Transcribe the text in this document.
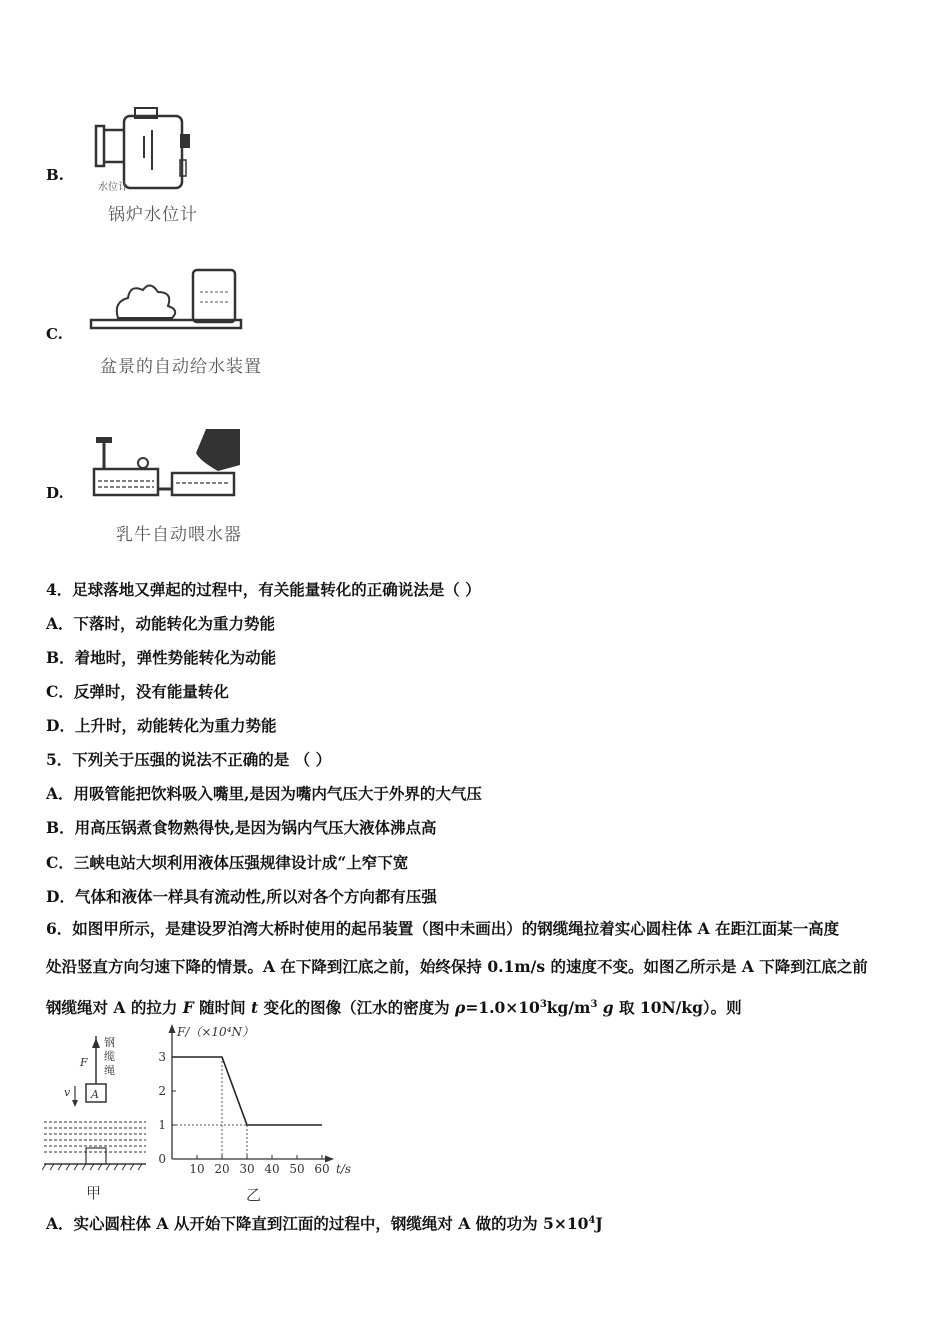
B.
水位计
锅炉水位计
C.
盆景的自动给水装置
D.
乳牛自动喂水器
4．足球落地又弹起的过程中，有关能量转化的正确说法是（ ）
A．下落时，动能转化为重力势能
B．着地时，弹性势能转化为动能
C．反弹时，没有能量转化
D．上升时，动能转化为重力势能
5．下列关于压强的说法不正确的是 （ ）
A．用吸管能把饮料吸入嘴里,是因为嘴内气压大于外界的大气压
B．用高压锅煮食物熟得快,是因为锅内气压大液体沸点高
C．三峡电站大坝利用液体压强规律设计成“上窄下宽
D．气体和液体一样具有流动性,所以对各个方向都有压强

6．如图甲所示，是建设罗泊湾大桥时使用的起吊装置（图中未画出）的钢缆绳拉着实心圆柱体 A 在距江面某一高度

处沿竖直方向匀速下降的情景。A 在下降到江底之前，始终保持 0.1m/s 的速度不变。如图乙所示是 A 下降到江底之前

钢缆绳对 A 的拉力 F 随时间 t 变化的图像（江水的密度为 $\rho=1.0\times 10^3kg/m^3$ g 取 10N/kg）。则

F
钢
缆
绳
A
v
甲
F/（×10⁴N）
t/s
10 20 30 40 50 60
0
1
2
3
乙
A．实心圆柱体 A 从开始下降直到江面的过程中，钢缆绳对 A 做的功为 $5\times 10^4J$
